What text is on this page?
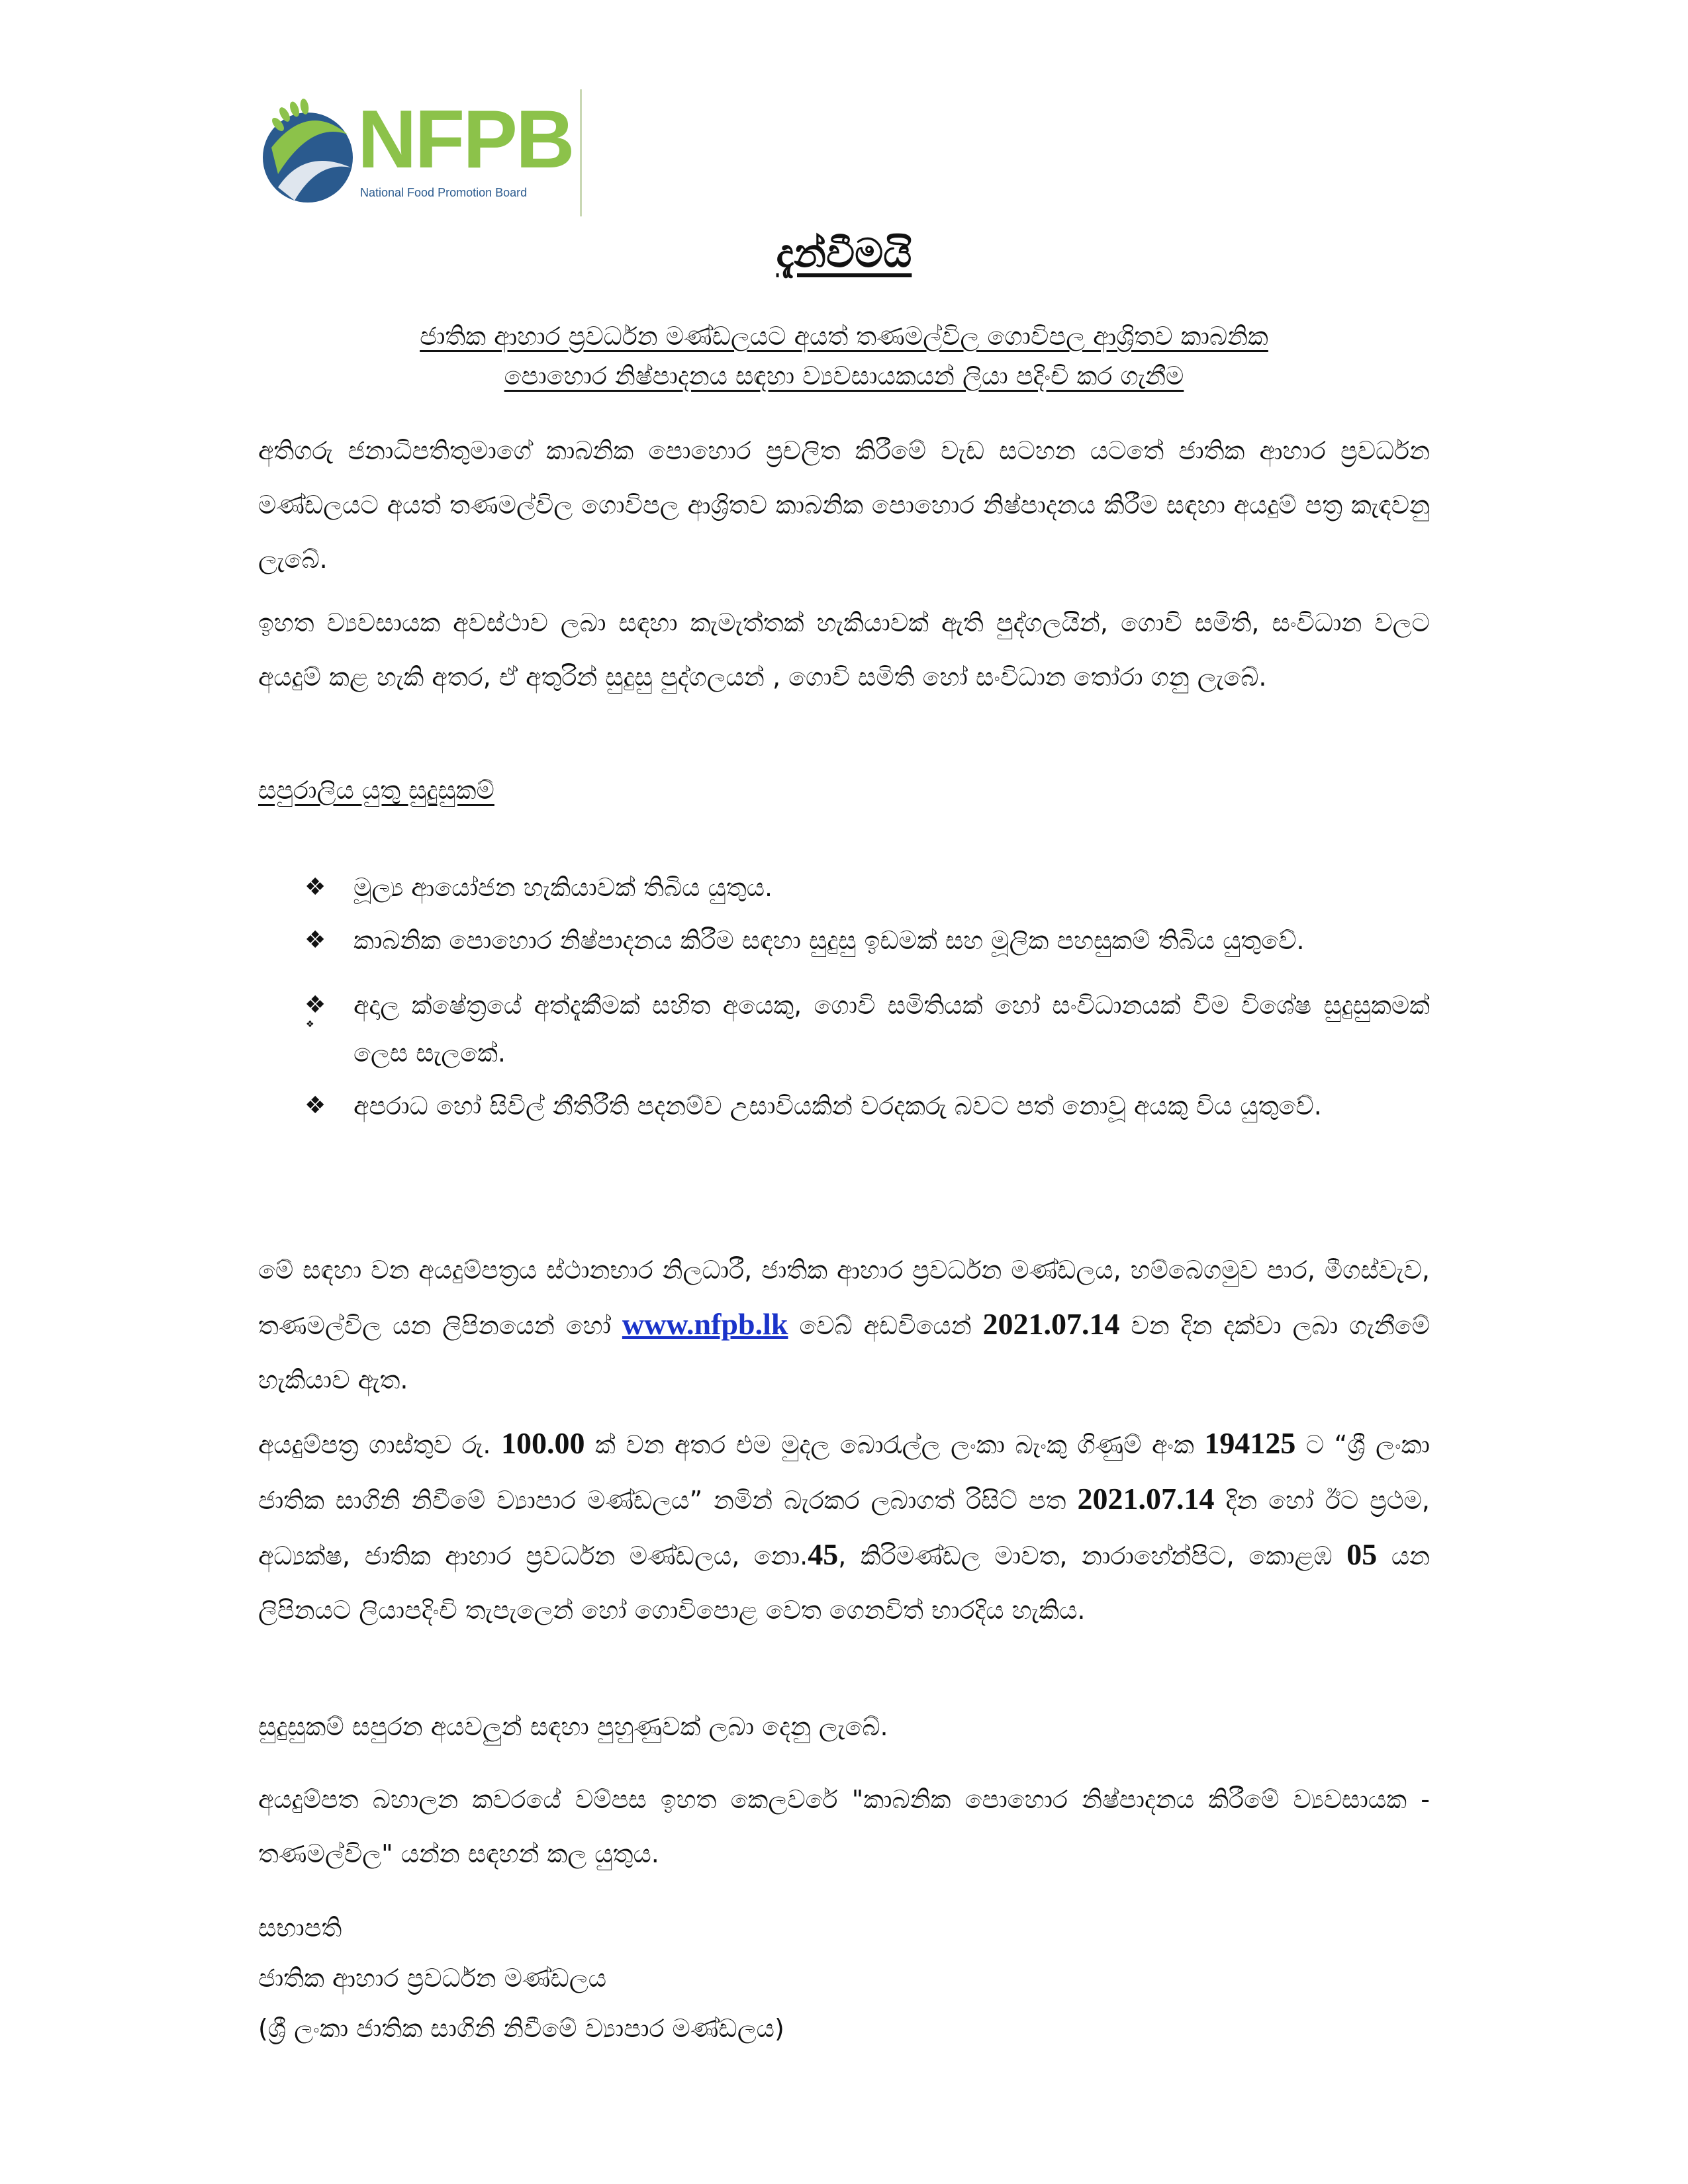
NFPB
National Food Promotion Board
දැන්වීමයි
ජාතික ආහාර ප්‍රවර්ධන මණ්ඩලයට අයත් තණමල්විල ගොවිපල ආශ්‍රිතව කාබනික
පොහොර නිෂ්පාදනය සඳහා ව්‍යවසායකයන් ලියා පදිංචි කර ගැනීම

අතිගරු ජනාධිපතිතුමාගේ කාබනික පොහොර ප්‍රචලිත කිරීමේ වැඩ සටහන යටතේ ජාතික ආහාර ප්‍රවර්ධන මණ්ඩලයට අයත් තණමල්විල ගොවිපල ආශ්‍රිතව කාබනික පොහොර නිෂ්පාදනය කිරීම සඳහා අයදුම් පත්‍ර කැඳවනු ලැබේ.

ඉහත ව්‍යවසායක අවස්ථාව ලබා සඳහා කැමැත්තක් හැකියාවක් ඇති පුද්ගලයින්, ගොවි සමිති, සංවිධාන වලට අයදුම් කළ හැකි අතර, ඒ අතුරින් සුදුසු පුද්ගලයන් , ගොවි සමිති හෝ සංවිධාන තෝරා ගනු ලැබේ.

සපුරාලිය යුතු සුදුසුකම්

❖ මූල්‍ය ආයෝජන හැකියාවක් තිබිය යුතුය.
❖ කාබනික පොහොර නිෂ්පාදනය කිරීම සඳහා සුදුසු ඉඩමක් සහ මූලික පහසුකම් තිබිය යුතුවේ.
❖ අදාල ක්ෂේත්‍රයේ අත්දැකීමක් සහිත අයෙකු, ගොවි සමිතියක් හෝ සංවිධානයක් වීම විශේෂ සුදුසුකමක් ලෙස සැලකේ.
❖ අපරාධ හෝ සිවිල් නීතිරීති පදනම්ව උසාවියකින් වරදකරු බවට පත් නොවූ අයකු විය යුතුවේ.
❖

මේ සඳහා වන අයදුම්පත්‍රය ස්ථානභාර නිලධාරී, ජාතික ආහාර ප්‍රවර්ධන මණ්ඩලය, හම්බෙගමුව පාර, මීගස්වැව, තණමල්විල යන ලිපිනයෙන් හෝ www.nfpb.lk වෙබ් අඩවියෙන් 2021.07.14 වන දින දක්වා ලබා ගැනීමේ හැකියාව ඇත.

අයදුම්පත්‍ර ගාස්තුව රු. 100.00 ක් වන අතර එම මුදල බොරැල්ල ලංකා බැංකු ගිණුම් අංක 194125 ට “ශ්‍රී ලංකා ජාතික සාගිනි නිවීමේ ව්‍යාපාර මණ්ඩලය” නමින් බැරකර ලබාගත් රිසිට් පත 2021.07.14 දින හෝ ඊට ප්‍රථම, අධ්‍යක්ෂ, ජාතික ආහාර ප්‍රවර්ධන මණ්ඩලය, නො.45, කිරිමණ්ඩල මාවත, නාරාහේන්පිට, කොළඹ 05 යන ලිපිනයට ලියාපදිංචි තැපැලෙන් හෝ ගොවිපොළ වෙත ගෙනවිත් භාරදිය හැකිය.

සුදුසුකම් සපුරන අයවලුන් සඳහා පුහුණුවක් ලබා දෙනු ලැබේ.

අයදුම්පත බහාලන කවරයේ වම්පස ඉහත කෙලවරේ "කාබනික පොහොර නිෂ්පාදනය කිරීමේ ව්‍යවසායක - තණමල්විල" යන්න සඳහන් කල යුතුය.

සභාපති
ජාතික ආහාර ප්‍රවර්ධන මණ්ඩලය
(ශ්‍රී ලංකා ජාතික සාගිනි නිවීමේ ව්‍යාපාර මණ්ඩලය)
